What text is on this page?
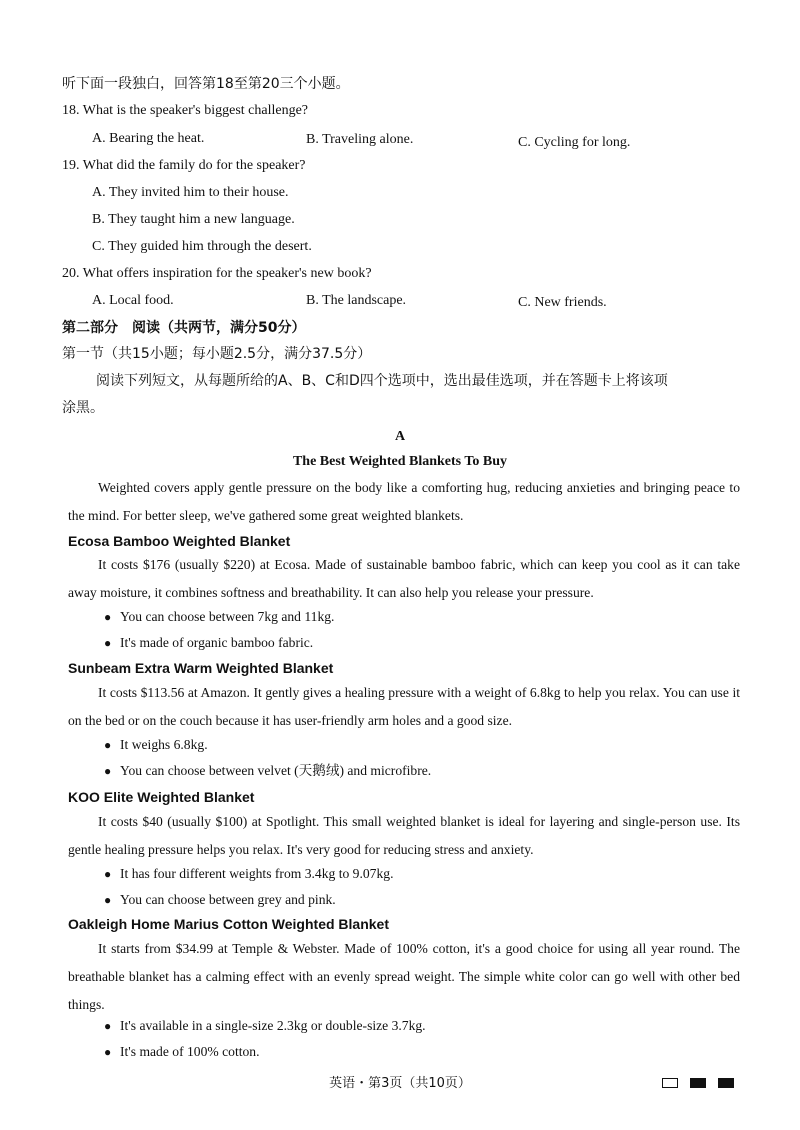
听下面一段独白，回答第18至第20三个小题。
18. What is the speaker's biggest challenge?
A. Bearing the heat.	B. Traveling alone.	C. Cycling for long.
19. What did the family do for the speaker?
A. They invited him to their house.
B. They taught him a new language.
C. They guided him through the desert.
20. What offers inspiration for the speaker's new book?
A. Local food.	B. The landscape.	C. New friends.
第二部分　阅读（共两节，满分50分）
第一节（共15小题；每小题2.5分，满分37.5分）
阅读下列短文，从每题所给的A、B、C和D四个选项中，选出最佳选项，并在答题卡上将该项
涂黑。
A
The Best Weighted Blankets To Buy
Weighted covers apply gentle pressure on the body like a comforting hug, reducing anxieties and bringing peace to the mind. For better sleep, we've gathered some great weighted blankets.
Ecosa Bamboo Weighted Blanket
It costs $176 (usually $220) at Ecosa. Made of sustainable bamboo fabric, which can keep you cool as it can take away moisture, it combines softness and breathability. It can also help you release your pressure.
● You can choose between 7kg and 11kg.
● It's made of organic bamboo fabric.
Sunbeam Extra Warm Weighted Blanket
It costs $113.56 at Amazon. It gently gives a healing pressure with a weight of 6.8kg to help you relax. You can use it on the bed or on the couch because it has user-friendly arm holes and a good size.
● It weighs 6.8kg.
● You can choose between velvet (天鹅绒) and microfibre.
KOO Elite Weighted Blanket
It costs $40 (usually $100) at Spotlight. This small weighted blanket is ideal for layering and single-person use. Its gentle healing pressure helps you relax. It's very good for reducing stress and anxiety.
● It has four different weights from 3.4kg to 9.07kg.
● You can choose between grey and pink.
Oakleigh Home Marius Cotton Weighted Blanket
It starts from $34.99 at Temple & Webster. Made of 100% cotton, it's a good choice for using all year round. The breathable blanket has a calming effect with an evenly spread weight. The simple white color can go well with other bed things.
● It's available in a single-size 2.3kg or double-size 3.7kg.
● It's made of 100% cotton.
英语・第3页（共10页）
